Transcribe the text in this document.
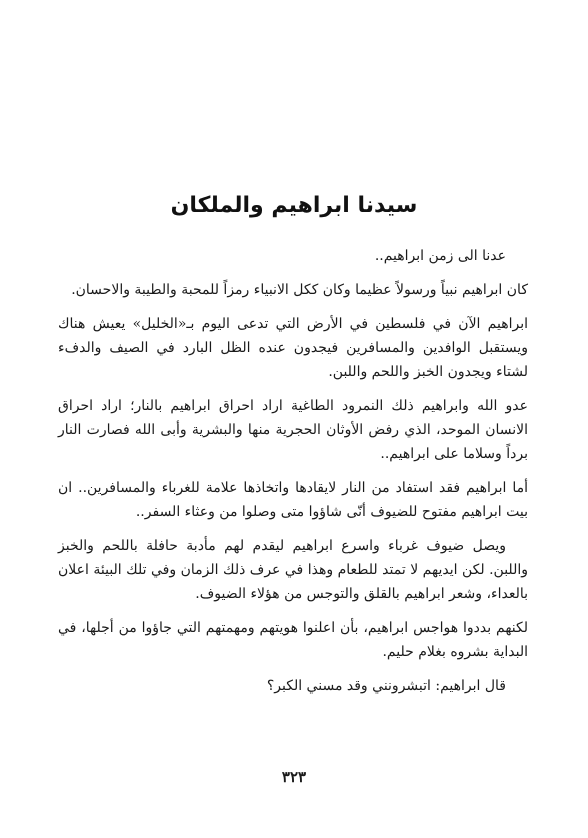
سيدنا ابراهيم والملكان

عدنا الى زمن ابراهيم..

كان ابراهيم نبياً ورسولاً عظيما وكان ككل الانبياء رمزاً للمحبة والطيبة والاحسان.

ابراهيم الآن في فلسطين في الأرض التي تدعى اليوم بـ«الخليل» يعيش هناك ويستقبل الوافدين والمسافرين فيجدون عنده الظل البارد في الصيف والدفء لشتاء ويجدون الخبز واللحم واللبن.

عدو الله وابراهيم ذلك النمرود الطاغية اراد احراق ابراهيم بالنار؛ اراد احراق الانسان الموحد، الذي رفض الأوثان الحجرية منها والبشرية وأبى الله فصارت النار برداً وسلاما على ابراهيم..

أما ابراهيم فقد استفاد من النار لايقادها واتخاذها علامة للغرباء والمسافرين.. ان بيت ابراهيم مفتوح للضيوف أنّى شاؤوا متى وصلوا من وعثاء السفر..

ويصل ضيوف غرباء واسرع ابراهيم ليقدم لهم مأدبة حافلة باللحم والخبز واللبن. لكن ايديهم لا تمتد للطعام وهذا في عرف ذلك الزمان وفي تلك البيئة اعلان بالعداء، وشعر ابراهيم بالقلق والتوجس من هؤلاء الضيوف.

لكنهم بددوا هواجس ابراهيم، بأن اعلنوا هويتهم ومهمتهم التي جاؤوا من أجلها، في البداية بشروه بغلام حليم.

قال ابراهيم: اتبشرونني وقد مسني الكبر؟

٣٢٣
